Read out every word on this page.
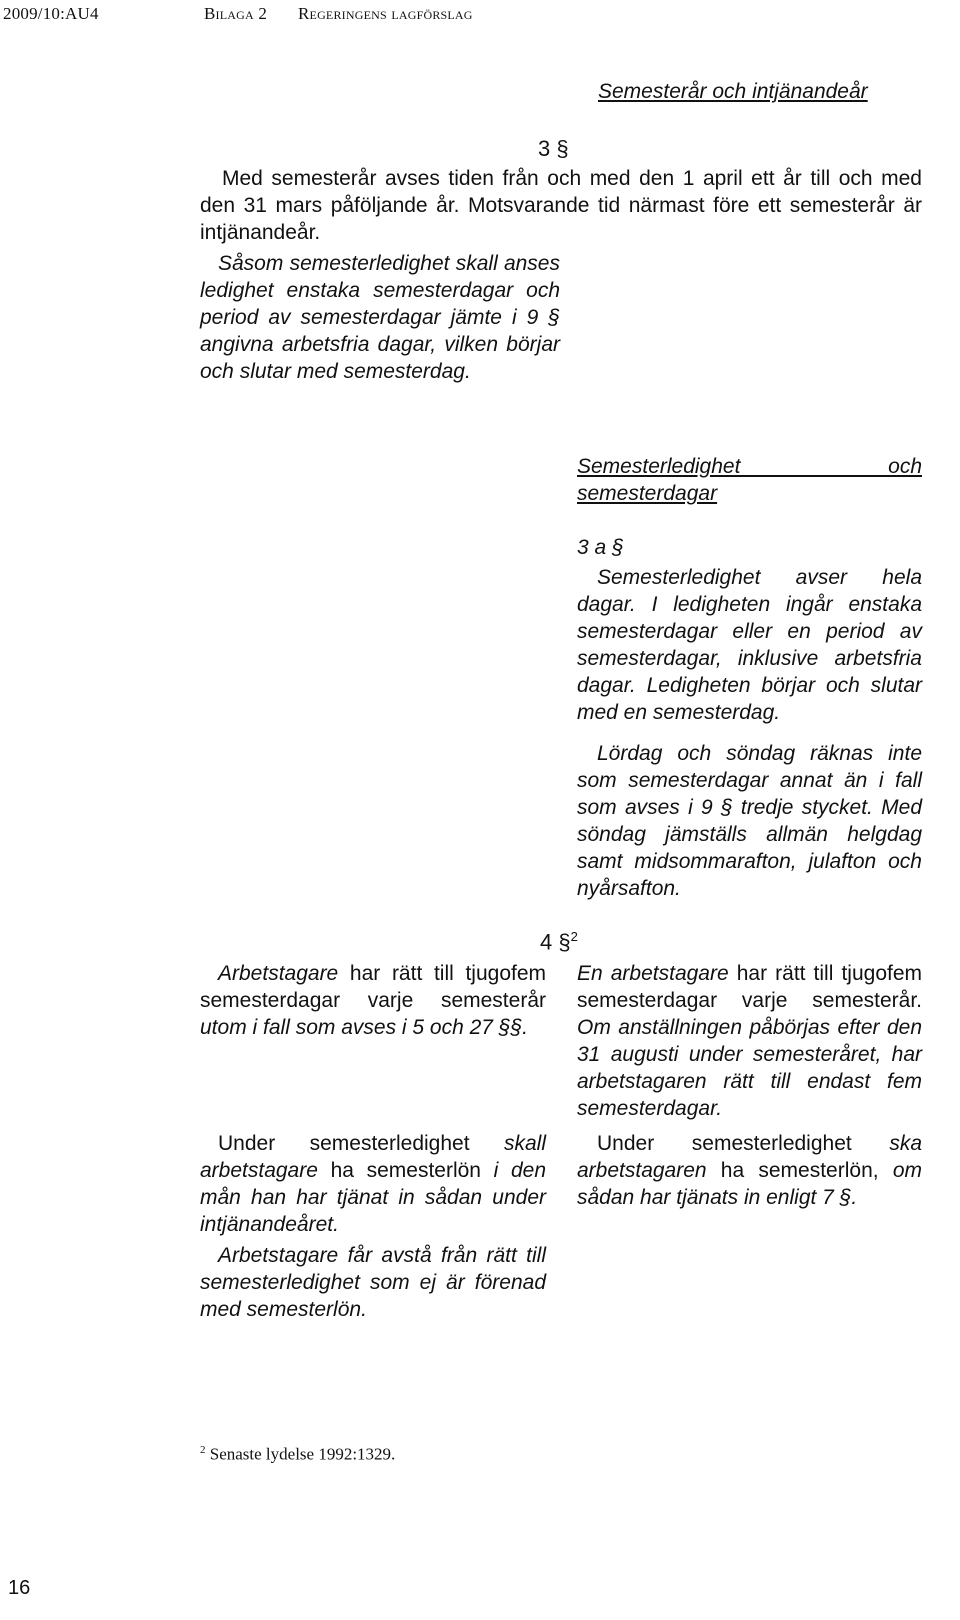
2009/10:AU4	Bilaga 2 Regeringens lagförslag
Semesterår och intjänandeår
3 §

Med semesterår avses tiden från och med den 1 april ett år till och med den 31 mars påföljande år. Motsvarande tid närmast före ett semesterår är intjänandeår.

Såsom semesterledighet skall anses ledighet enstaka semesterdagar och period av semesterdagar jämte i 9 § angivna arbetsfria dagar, vilken börjar och slutar med semesterdag.

Semesterledighet och semesterdagar
3 a §

Semesterledighet avser hela dagar. I ledigheten ingår enstaka semesterdagar eller en period av semesterdagar, inklusive arbetsfria dagar. Ledigheten börjar och slutar med en semesterdag.

Lördag och söndag räknas inte som semesterdagar annat än i fall som avses i 9 § tredje stycket. Med söndag jämställs allmän helgdag samt midsommarafton, julafton och nyårsafton.

4 §$^2$

Arbetstagare har rätt till tjugofem semesterdagar varje semesterår utom i fall som avses i 5 och 27 §§.

Under semesterledighet skall arbetstagare ha semesterlön i den mån han har tjänat in sådan under intjänandeåret.

Arbetstagare får avstå från rätt till semesterledighet som ej är förenad med semesterlön.

En arbetstagare har rätt till tjugofem semesterdagar varje semesterår. Om anställningen påbörjas efter den 31 augusti under semesteråret, har arbetstagaren rätt till endast fem semesterdagar.

Under semesterledighet ska arbetstagaren ha semesterlön, om sådan har tjänats in enligt 7 §.

$^2$ Senaste lydelse 1992:1329.
16
